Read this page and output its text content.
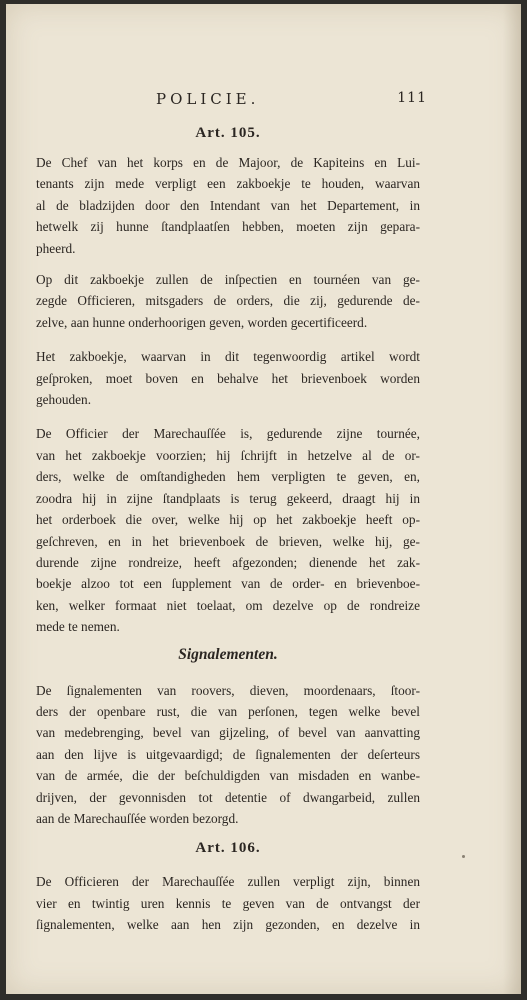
POLICIE.	111
Art. 105.

De Chef van het korps en de Majoor, de Kapiteins en Lui-
tenants zijn mede verpligt een zakboekje te houden, waarvan
al de bladzijden door den Intendant van het Departement, in
hetwelk zij hunne ſtandplaatſen hebben, moeten zijn gepara-
pheerd.

Op dit zakboekje zullen de inſpectien en tournéen van ge-
zegde Officieren, mitsgaders de orders, die zij, gedurende de-
zelve, aan hunne onderhoorigen geven, worden gecertificeerd.

Het zakboekje, waarvan in dit tegenwoordig artikel wordt
geſproken, moet boven en behalve het brievenboek worden
gehouden.

De Officier der Marechauſſée is, gedurende zijne tournée,
van het zakboekje voorzien; hij ſchrijft in hetzelve al de or-
ders, welke de omſtandigheden hem verpligten te geven, en,
zoodra hij in zijne ſtandplaats is terug gekeerd, draagt hij in
het orderboek die over, welke hij op het zakboekje heeft op-
geſchreven, en in het brievenboek de brieven, welke hij, ge-
durende zijne rondreize, heeft afgezonden; dienende het zak-
boekje alzoo tot een ſupplement van de order- en brievenboe-
ken, welker formaat niet toelaat, om dezelve op de rondreize
mede te nemen.

Signalementen.

De ſignalementen van roovers, dieven, moordenaars, ſtoor-
ders der openbare rust, die van perſonen, tegen welke bevel
van medebrenging, bevel van gijzeling, of bevel van aanvatting
aan den lijve is uitgevaardigd; de ſignalementen der deſerteurs
van de armée, die der beſchuldigden van misdaden en wanbe-
drijven, der gevonnisden tot detentie of dwangarbeid, zullen
aan de Marechauſſée worden bezorgd.

Art. 106.

De Officieren der Marechauſſée zullen verpligt zijn, binnen
vier en twintig uren kennis te geven van de ontvangst der
ſignalementen, welke aan hen zijn gezonden, en dezelve in
